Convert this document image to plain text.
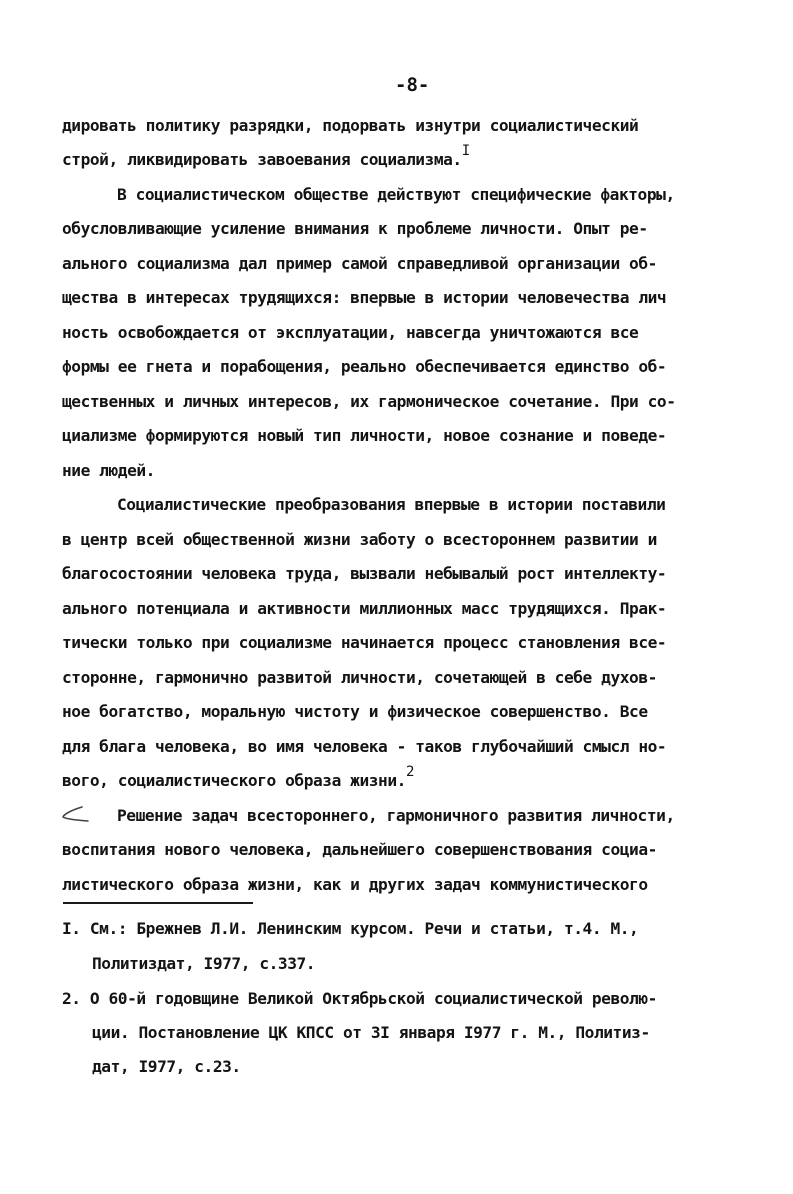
-8-
дировать политику разрядки, подорвать изнутри социалистический
строй, ликвидировать завоевания социализма.I
В социалистическом обществе действуют специфические факторы,
обусловливающие усиление внимания к проблеме личности. Опыт ре-
ального социализма дал пример самой справедливой организации об-
щества в интересах трудящихся: впервые в истории человечества лич
ность освобождается от эксплуатации, навсегда уничтожаются все
формы ее гнета и порабощения, реально обеспечивается единство об-
щественных и личных интересов, их гармоническое сочетание. При со-
циализме формируются новый тип личности, новое сознание и поведе-
ние людей.
Социалистические преобразования впервые в истории поставили
в центр всей общественной жизни заботу о всестороннем развитии и
благосостоянии человека труда, вызвали небывалый рост интеллекту-
ального потенциала и активности миллионных масс трудящихся. Прак-
тически только при социализме начинается процесс становления все-
сторонне, гармонично развитой личности, сочетающей в себе духов-
ное богатство, моральную чистоту и физическое совершенство. Все
для блага человека, во имя человека - таков глубочайший смысл но-
вого, социалистического образа жизни.2
Решение задач всестороннего, гармоничного развития личности,
воспитания нового человека, дальнейшего совершенствования социа-
листического образа жизни, как и других задач коммунистического
I. См.: Брежнев Л.И. Ленинским курсом. Речи и статьи, т.4. М.,
Политиздат, I977, с.337.
2. О 60-й годовщине Великой Октябрьской социалистической револю-
ции. Постановление ЦК КПСС от 3I января I977 г. М., Политиз-
дат, I977, с.23.
